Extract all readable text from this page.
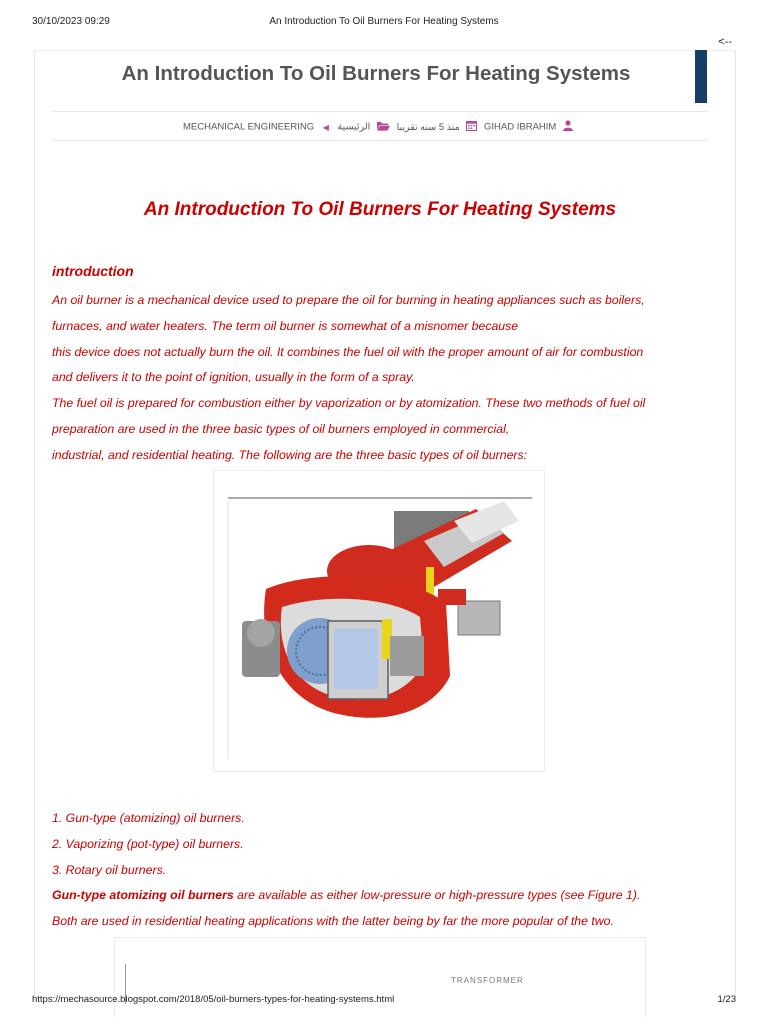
30/10/2023 09:29	An Introduction To Oil Burners For Heating Systems
<--
An Introduction To Oil Burners For Heating Systems
MECHANICAL ENGINEERING ◀ الرئيسية	منذ 5 سنه تقريبا	GIHAD IBRAHIM
An Introduction To Oil Burners For Heating Systems
introduction
An oil burner is a mechanical device used to prepare the oil for burning in heating appliances such as boilers,
furnaces, and water heaters. The term oil burner is somewhat of a misnomer because
this device does not actually burn the oil. It combines the fuel oil with the proper amount of air for combustion
and delivers it to the point of ignition, usually in the form of a spray.
The fuel oil is prepared for combustion either by vaporization or by atomization. These two methods of fuel oil
preparation are used in the three basic types of oil burners employed in commercial,
industrial, and residential heating. The following are the three basic types of oil burners:
1. Gun-type (atomizing) oil burners.
2. Vaporizing (pot-type) oil burners.
3. Rotary oil burners.
Gun-type atomizing oil burners are available as either low-pressure or high-pressure types (see Figure 1).
Both are used in residential heating applications with the latter being by far the more popular of the two.
TRANSFORMER
https://mechasource.blogspot.com/2018/05/oil-burners-types-for-heating-systems.html	1/23
